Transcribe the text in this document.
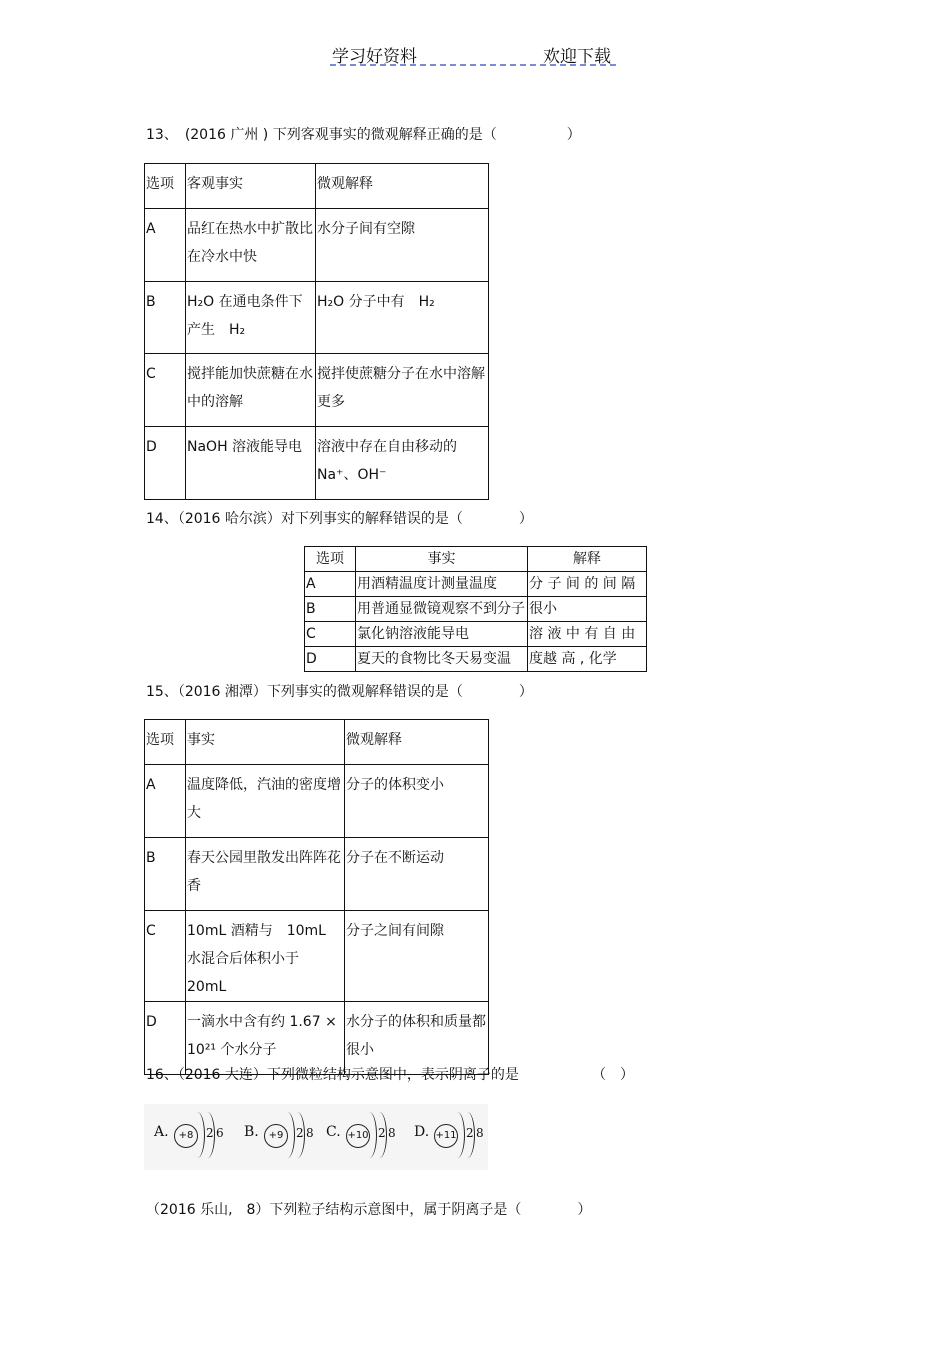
学习好资料	欢迎下载
13、　(2016 广州 ) 下列客观事实的微观解释正确的是（　　　　　）
选项	客观事实	微观解释
A	品红在热水中扩散比在冷水中快	水分子间有空隙
B	H₂O 在通电条件下产生　H₂	H₂O 分子中有　H₂
C	搅拌能加快蔗糖在水中的溶解	搅拌使蔗糖分子在水中溶解更多
D	NaOH 溶液能导电	溶液中存在自由移动的 Na⁺、OH⁻
14、（2016 哈尔滨）对下列事实的解释错误的是（　　　　）
选项	事实	解释
A	用酒精温度计测量温度	分 子 间 的 间 隔
B	用普通显微镜观察不到分子	很小
C	氯化钠溶液能导电	溶 液 中 有 自 由
D	夏天的食物比冬天易变温	度越 高 , 化学
15、（2016 湘潭）下列事实的微观解释错误的是（　　　　）
选项	事实	微观解释
A	温度降低，汽油的密度增大	分子的体积变小
B	春天公园里散发出阵阵花香	分子在不断运动
C	10mL 酒精与　10mL 水混合后体积小于　20mL	分子之间有间隙
D	一滴水中含有约 1.67 × 10²¹ 个水分子	水分子的体积和质量都很小
16、（2016 大连）下列微粒结构示意图中，表示阴离子的是	（　）
A.	+8	2 6 B. +9	2 8 C. +10 2 8 D. +11 2 8
（2016 乐山,　8）下列粒子结构示意图中，属于阴离子是（　　　　）
